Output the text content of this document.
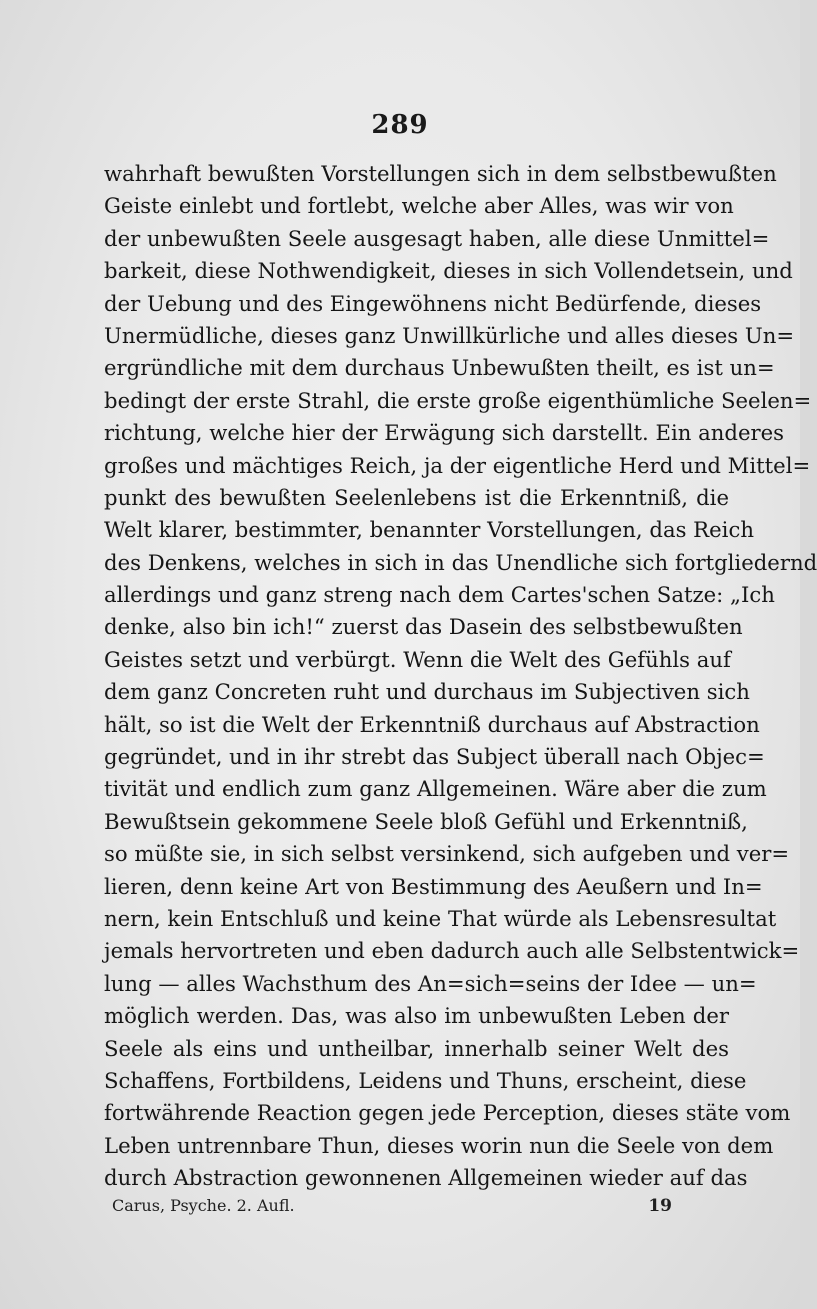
289
wahrhaft bewußten Vorstellungen sich in dem selbstbewußten
Geiste einlebt und fortlebt, welche aber Alles, was wir von
der unbewußten Seele ausgesagt haben, alle diese Unmittel=
barkeit, diese Nothwendigkeit, dieses in sich Vollendetsein, und
der Uebung und des Eingewöhnens nicht Bedürfende, dieses
Unermüdliche, dieses ganz Unwillkürliche und alles dieses Un=
ergründliche mit dem durchaus Unbewußten theilt, es ist un=
bedingt der erste Strahl, die erste große eigenthümliche Seelen=
richtung, welche hier der Erwägung sich darstellt. Ein anderes
großes und mächtiges Reich, ja der eigentliche Herd und Mittel=
punkt des bewußten Seelenlebens ist die Erkenntniß, die
Welt klarer, bestimmter, benannter Vorstellungen, das Reich
des Denkens, welches in sich in das Unendliche sich fortgliedernd
allerdings und ganz streng nach dem Cartes'schen Satze: „Ich
denke, also bin ich!“ zuerst das Dasein des selbstbewußten
Geistes setzt und verbürgt. Wenn die Welt des Gefühls auf
dem ganz Concreten ruht und durchaus im Subjectiven sich
hält, so ist die Welt der Erkenntniß durchaus auf Abstraction
gegründet, und in ihr strebt das Subject überall nach Objec=
tivität und endlich zum ganz Allgemeinen. Wäre aber die zum
Bewußtsein gekommene Seele bloß Gefühl und Erkenntniß,
so müßte sie, in sich selbst versinkend, sich aufgeben und ver=
lieren, denn keine Art von Bestimmung des Aeußern und In=
nern, kein Entschluß und keine That würde als Lebensresultat
jemals hervortreten und eben dadurch auch alle Selbstentwick=
lung — alles Wachsthum des An=sich=seins der Idee — un=
möglich werden. Das, was also im unbewußten Leben der
Seele als eins und untheilbar, innerhalb seiner Welt des
Schaffens, Fortbildens, Leidens und Thuns, erscheint, diese
fortwährende Reaction gegen jede Perception, dieses stäte vom
Leben untrennbare Thun, dieses worin nun die Seele von dem
durch Abstraction gewonnenen Allgemeinen wieder auf das
Carus, Psyche. 2. Aufl.	19
